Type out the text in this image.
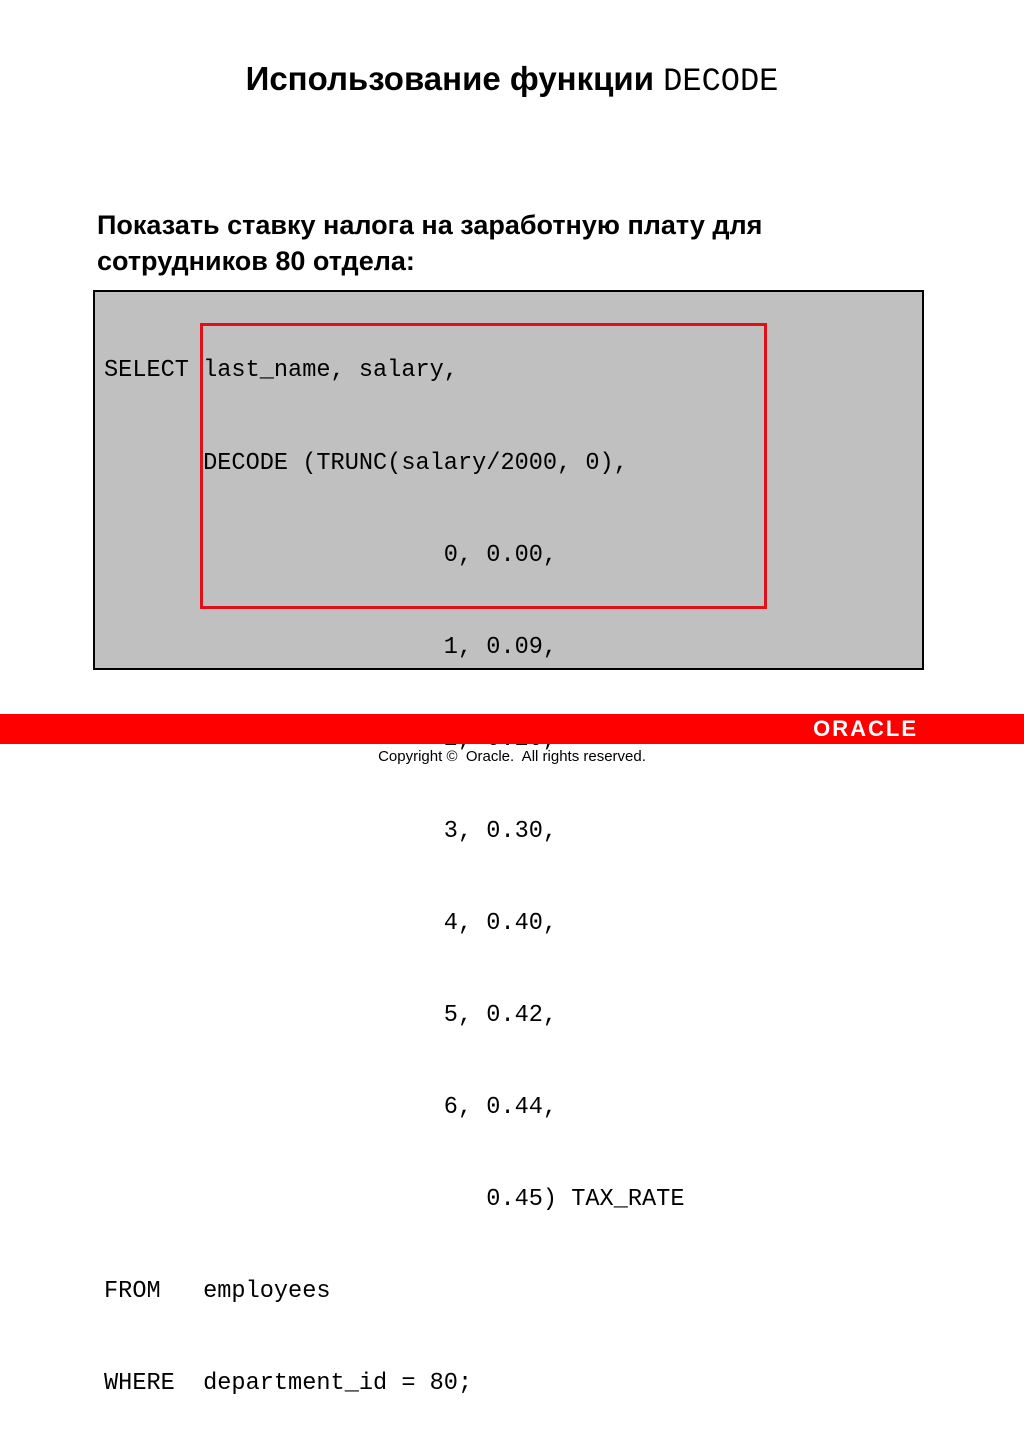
Использование функции DECODE
Показать ставку налога на заработную плату для
сотрудников 80 отдела:

SELECT last_name, salary,

DECODE (TRUNC(salary/2000, 0),

0, 0.00,

1, 0.09,

3, 0.30,

4, 0.40,

5, 0.42,

6, 0.44,

0.45) TAX_RATE

FROM   employees

WHERE  department_id = 80;

ORACLE
Copyright ©  Oracle.  All rights reserved.
